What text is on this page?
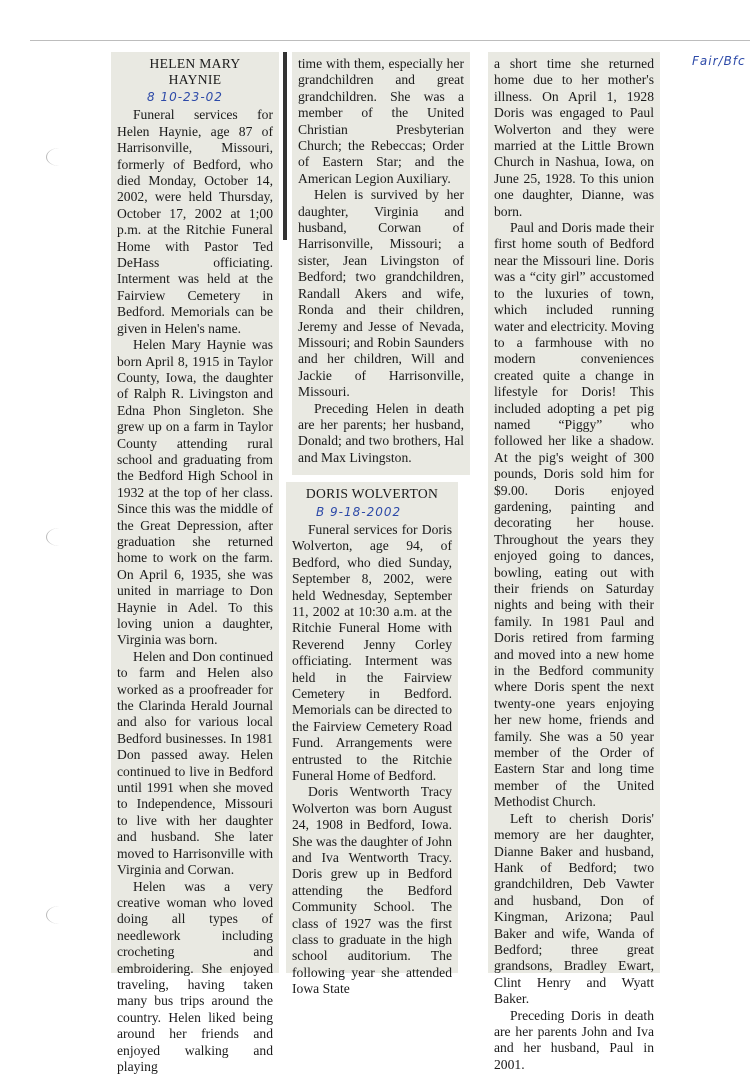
Fair/Bfc
HELEN MARY
HAYNIE
8 10-23-02

Funeral services for Helen Haynie, age 87 of Harrisonville, Missouri, formerly of Bedford, who died Monday, October 14, 2002, were held Thursday, October 17, 2002 at 1;00 p.m. at the Ritchie Funeral Home with Pastor Ted DeHass officiating. Interment was held at the Fairview Cemetery in Bedford. Memorials can be given in Helen's name.

Helen Mary Haynie was born April 8, 1915 in Taylor County, Iowa, the daughter of Ralph R. Livingston and Edna Phon Singleton. She grew up on a farm in Taylor County attending rural school and graduating from the Bedford High School in 1932 at the top of her class. Since this was the middle of the Great Depression, after graduation she returned home to work on the farm. On April 6, 1935, she was united in marriage to Don Haynie in Adel. To this loving union a daughter, Virginia was born.

Helen and Don continued to farm and Helen also worked as a proofreader for the Clarinda Herald Journal and also for various local Bedford businesses. In 1981 Don passed away. Helen continued to live in Bedford until 1991 when she moved to Independence, Missouri to live with her daughter and husband. She later moved to Harrisonville with Virginia and Corwan.

Helen was a very creative woman who loved doing all types of needlework including crocheting and embroidering. She enjoyed traveling, having taken many bus trips around the country. Helen liked being around her friends and enjoyed walking and playing

time with them, especially her grandchildren and great grandchildren. She was a member of the United Christian Presbyterian Church; the Rebeccas; Order of Eastern Star; and the American Legion Auxiliary.

Helen is survived by her daughter, Virginia and husband, Corwan of Harrisonville, Missouri; a sister, Jean Livingston of Bedford; two grandchildren, Randall Akers and wife, Ronda and their children, Jeremy and Jesse of Nevada, Missouri; and Robin Saunders and her children, Will and Jackie of Harrisonville, Missouri.

Preceding Helen in death are her parents; her husband, Donald; and two brothers, Hal and Max Livingston.

DORIS WOLVERTON
B 9-18-2002

Funeral services for Doris Wolverton, age 94, of Bedford, who died Sunday, September 8, 2002, were held Wednesday, September 11, 2002 at 10:30 a.m. at the Ritchie Funeral Home with Reverend Jenny Corley officiating. Interment was held in the Fairview Cemetery in Bedford. Memorials can be directed to the Fairview Cemetery Road Fund. Arrangements were entrusted to the Ritchie Funeral Home of Bedford.

Doris Wentworth Tracy Wolverton was born August 24, 1908 in Bedford, Iowa. She was the daughter of John and Iva Wentworth Tracy. Doris grew up in Bedford attending the Bedford Community School. The class of 1927 was the first class to graduate in the high school auditorium. The following year she attended Iowa State

a short time she returned home due to her mother's illness. On April 1, 1928 Doris was engaged to Paul Wolverton and they were married at the Little Brown Church in Nashua, Iowa, on June 25, 1928. To this union one daughter, Dianne, was born.

Paul and Doris made their first home south of Bedford near the Missouri line. Doris was a “city girl” accustomed to the luxuries of town, which included running water and electricity. Moving to a farmhouse with no modern conveniences created quite a change in lifestyle for Doris! This included adopting a pet pig named “Piggy” who followed her like a shadow. At the pig's weight of 300 pounds, Doris sold him for $9.00. Doris enjoyed gardening, painting and decorating her house. Throughout the years they enjoyed going to dances, bowling, eating out with their friends on Saturday nights and being with their family. In 1981 Paul and Doris retired from farming and moved into a new home in the Bedford community where Doris spent the next twenty-one years enjoying her new home, friends and family. She was a 50 year member of the Order of Eastern Star and long time member of the United Methodist Church.

Left to cherish Doris' memory are her daughter, Dianne Baker and husband, Hank of Bedford; two grandchildren, Deb Vawter and husband, Don of Kingman, Arizona; Paul Baker and wife, Wanda of Bedford; three great grandsons, Bradley Ewart, Clint Henry and Wyatt Baker.

Preceding Doris in death are her parents John and Iva and her husband, Paul in 2001.
